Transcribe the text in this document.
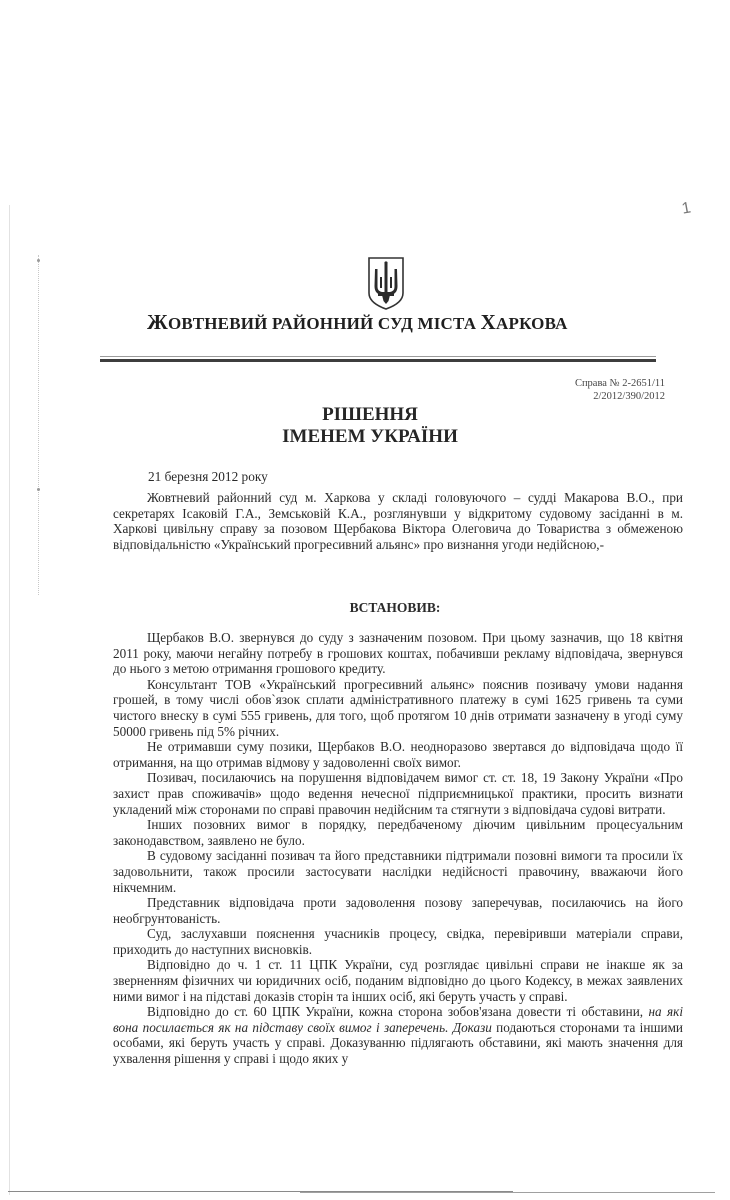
1
ЖОВТНЕВИЙ РАЙОННИЙ СУД МІСТА ХАРКОВА
Справа № 2-2651/11
2/2012/390/2012
РІШЕННЯ
ІМЕНЕМ УКРАЇНИ
21 березня 2012 року

Жовтневий районний суд м. Харкова у складі головуючого – судді Макарова В.О., при секретарях Ісаковій Г.А., Земськовій К.А., розглянувши у відкритому судовому засіданні в м. Харкові цивільну справу за позовом Щербакова Віктора Олеговича до Товариства з обмеженою відповідальністю «Український прогресивний альянс» про визнання угоди недійсною,-

ВСТАНОВИВ:

Щербаков В.О. звернувся до суду з зазначеним позовом. При цьому зазначив, що 18 квітня 2011 року, маючи негайну потребу в грошових коштах, побачивши рекламу відповідача, звернувся до нього з метою отримання грошового кредиту.

Консультант ТОВ «Український прогресивний альянс» пояснив позивачу умови надання грошей, в тому числі обов`язок сплати адміністративного платежу в сумі 1625 гривень та суми чистого внеску в сумі 555 гривень, для того, щоб протягом 10 днів отримати зазначену в угоді суму 50000 гривень під 5% річних.

Не отримавши суму позики, Щербаков В.О. неодноразово звертався до відповідача щодо її отримання, на що отримав відмову у задоволенні своїх вимог.

Позивач, посилаючись на порушення відповідачем вимог ст. ст. 18, 19 Закону України «Про захист прав споживачів» щодо ведення нечесної підприємницької практики, просить визнати укладений між сторонами по справі правочин недійсним та стягнути з відповідача судові витрати.

Інших позовних вимог в порядку, передбаченому діючим цивільним процесуальним законодавством, заявлено не було.

В судовому засіданні позивач та його представники підтримали позовні вимоги та просили їх задовольнити, також просили застосувати наслідки недійсності правочину, вважаючи його нікчемним.

Представник відповідача проти задоволення позову заперечував, посилаючись на його необгрунтованість.

Суд, заслухавши пояснення учасників процесу, свідка, перевіривши матеріали справи, приходить до наступних висновків.

Відповідно до ч. 1 ст. 11 ЦПК України, суд розглядає цивільні справи не інакше як за зверненням фізичних чи юридичних осіб, поданим відповідно до цього Кодексу, в межах заявлених ними вимог і на підставі доказів сторін та інших осіб, які беруть участь у справі.

Відповідно до ст. 60 ЦПК України, кожна сторона зобов'язана довести ті обставини, на які вона посилається як на підставу своїх вимог і заперечень. Докази подаються сторонами та іншими особами, які беруть участь у справі. Доказуванню підлягають обставини, які мають значення для ухвалення рішення у справі і щодо яких у
